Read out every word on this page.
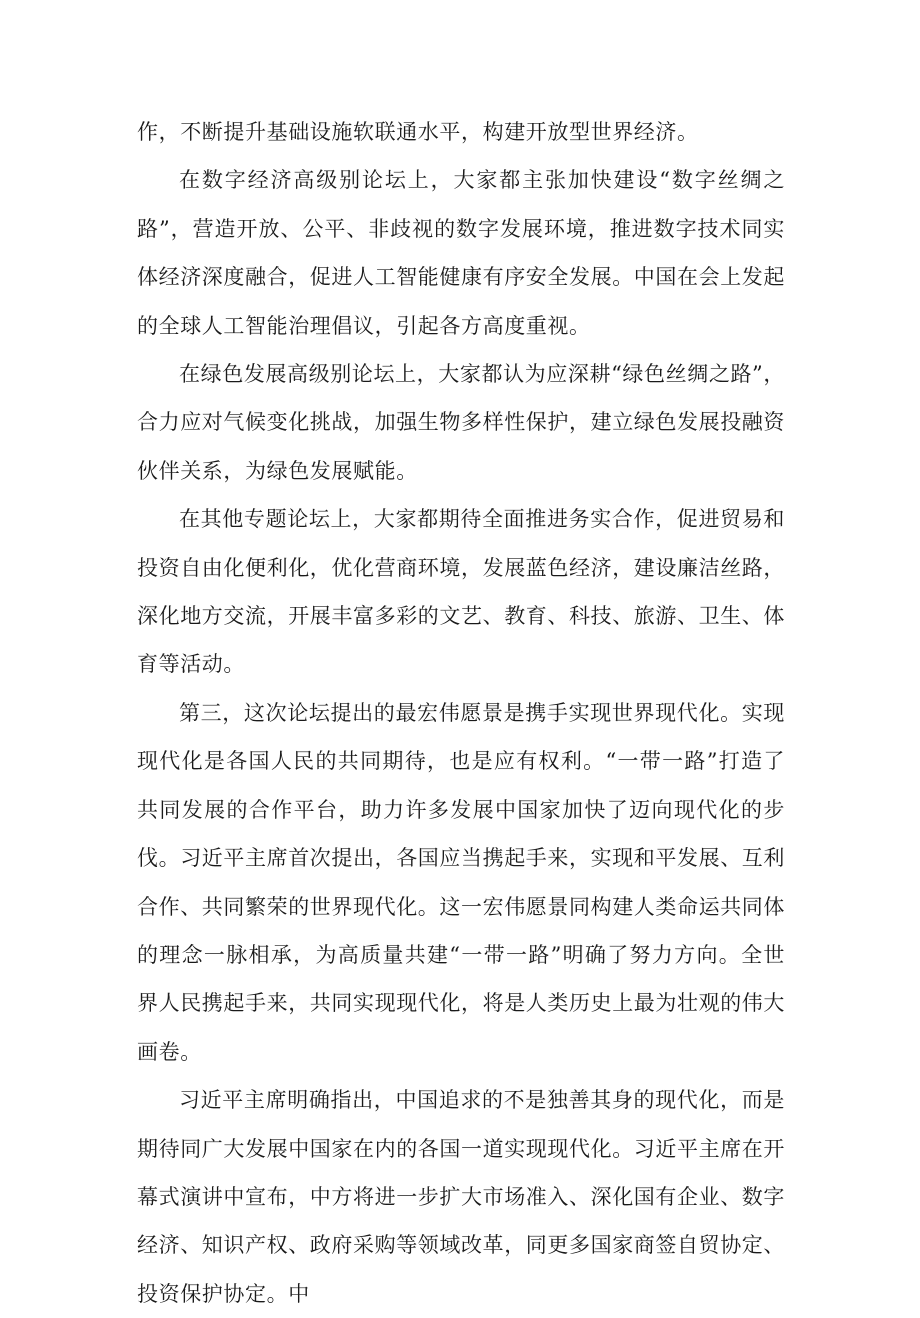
作，不断提升基础设施软联通水平，构建开放型世界经济。

在数字经济高级别论坛上，大家都主张加快建设“数字丝绸之路”，营造开放、公平、非歧视的数字发展环境，推进数字技术同实体经济深度融合，促进人工智能健康有序安全发展。中国在会上发起的全球人工智能治理倡议，引起各方高度重视。

在绿色发展高级别论坛上，大家都认为应深耕“绿色丝绸之路”，合力应对气候变化挑战，加强生物多样性保护，建立绿色发展投融资伙伴关系，为绿色发展赋能。

在其他专题论坛上，大家都期待全面推进务实合作，促进贸易和投资自由化便利化，优化营商环境，发展蓝色经济，建设廉洁丝路，深化地方交流，开展丰富多彩的文艺、教育、科技、旅游、卫生、体育等活动。

第三，这次论坛提出的最宏伟愿景是携手实现世界现代化。实现现代化是各国人民的共同期待，也是应有权利。“一带一路”打造了共同发展的合作平台，助力许多发展中国家加快了迈向现代化的步伐。习近平主席首次提出，各国应当携起手来，实现和平发展、互利合作、共同繁荣的世界现代化。这一宏伟愿景同构建人类命运共同体的理念一脉相承，为高质量共建“一带一路”明确了努力方向。全世界人民携起手来，共同实现现代化，将是人类历史上最为壮观的伟大画卷。

习近平主席明确指出，中国追求的不是独善其身的现代化，而是期待同广大发展中国家在内的各国一道实现现代化。习近平主席在开幕式演讲中宣布，中方将进一步扩大市场准入、深化国有企业、数字经济、知识产权、政府采购等领域改革，同更多国家商签自贸协定、投资保护协定。中
